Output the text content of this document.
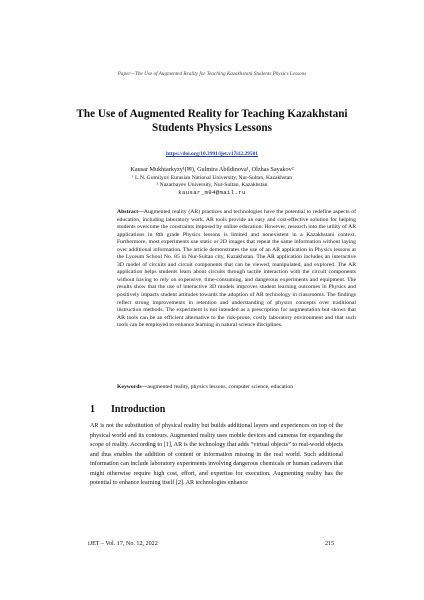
Paper—The Use of Augmented Reality for Teaching Kazakhstani Students Physics Lessons
The Use of Augmented Reality for Teaching Kazakhstani Students Physics Lessons
https://doi.org/10.3991/ijet.v17i12.29501
Kausar Mukhtarkyzy¹(✉), Gulmira Abildinova¹, Olzhas Sayakov²
¹ L.N. Gumilyov Eurasian National University, Nur-Sultan, Kazakhstan
² Nazarbayev University, Nur-Sultan, Kazakhstan
kausar_m94@mail.ru

Abstract—Augmented reality (AR) practices and technologies have the potential to redefine aspects of education, including laboratory work. AR tools provide an easy and cost-effective solution for helping students overcome the constraints imposed by online education. However, research into the utility of AR applications in 8th grade Physics lessons is limited and nonexistent in a Kazakhstani context. Furthermore, most experiments use static or 2D images that repeat the same information without laying over additional information. The article demonstrates the use of an AR application in Physics lessons at the Lyceum School No. 85 in Nur-Sultan city, Kazakhstan. The AR application includes an interactive 3D model of circuits and circuit components that can be viewed, manipulated, and explored. The AR application helps students learn about circuits through tactile interaction with the circuit components without having to rely on expensive, time-consuming, and dangerous experiments and equipment. The results show that the use of interactive 3D models improves student learning outcomes in Physics and positively impacts student attitudes towards the adoption of AR technology in classrooms. The findings reflect strong improvements in retention and understanding of physics concepts over traditional instruction methods. The experiment is not intended as a prescription for augmentation but shows that AR tools can be an efficient alternative to the risk-prone, costly laboratory environment and that such tools can be employed to enhance learning in natural science disciplines.

Keywords—augmented reality, physics lessons, computer science, education
1 Introduction

AR is not the substitution of physical reality but builds additional layers and experiences on top of the physical world and its contours. Augmented reality uses mobile devices and cameras for expanding the scope of reality. According to [1], AR is the technology that adds “virtual objects” to real-world objects and thus enables the addition of content or information missing in the real world. Such additional information can include laboratory experiments involving dangerous chemicals or human cadavers that might otherwise require high cost, effort, and expertise for execution. Augmenting reality has the potential to enhance learning itself [2]. AR technologies enhance

iJET ‒ Vol. 17, No. 12, 2022	215
